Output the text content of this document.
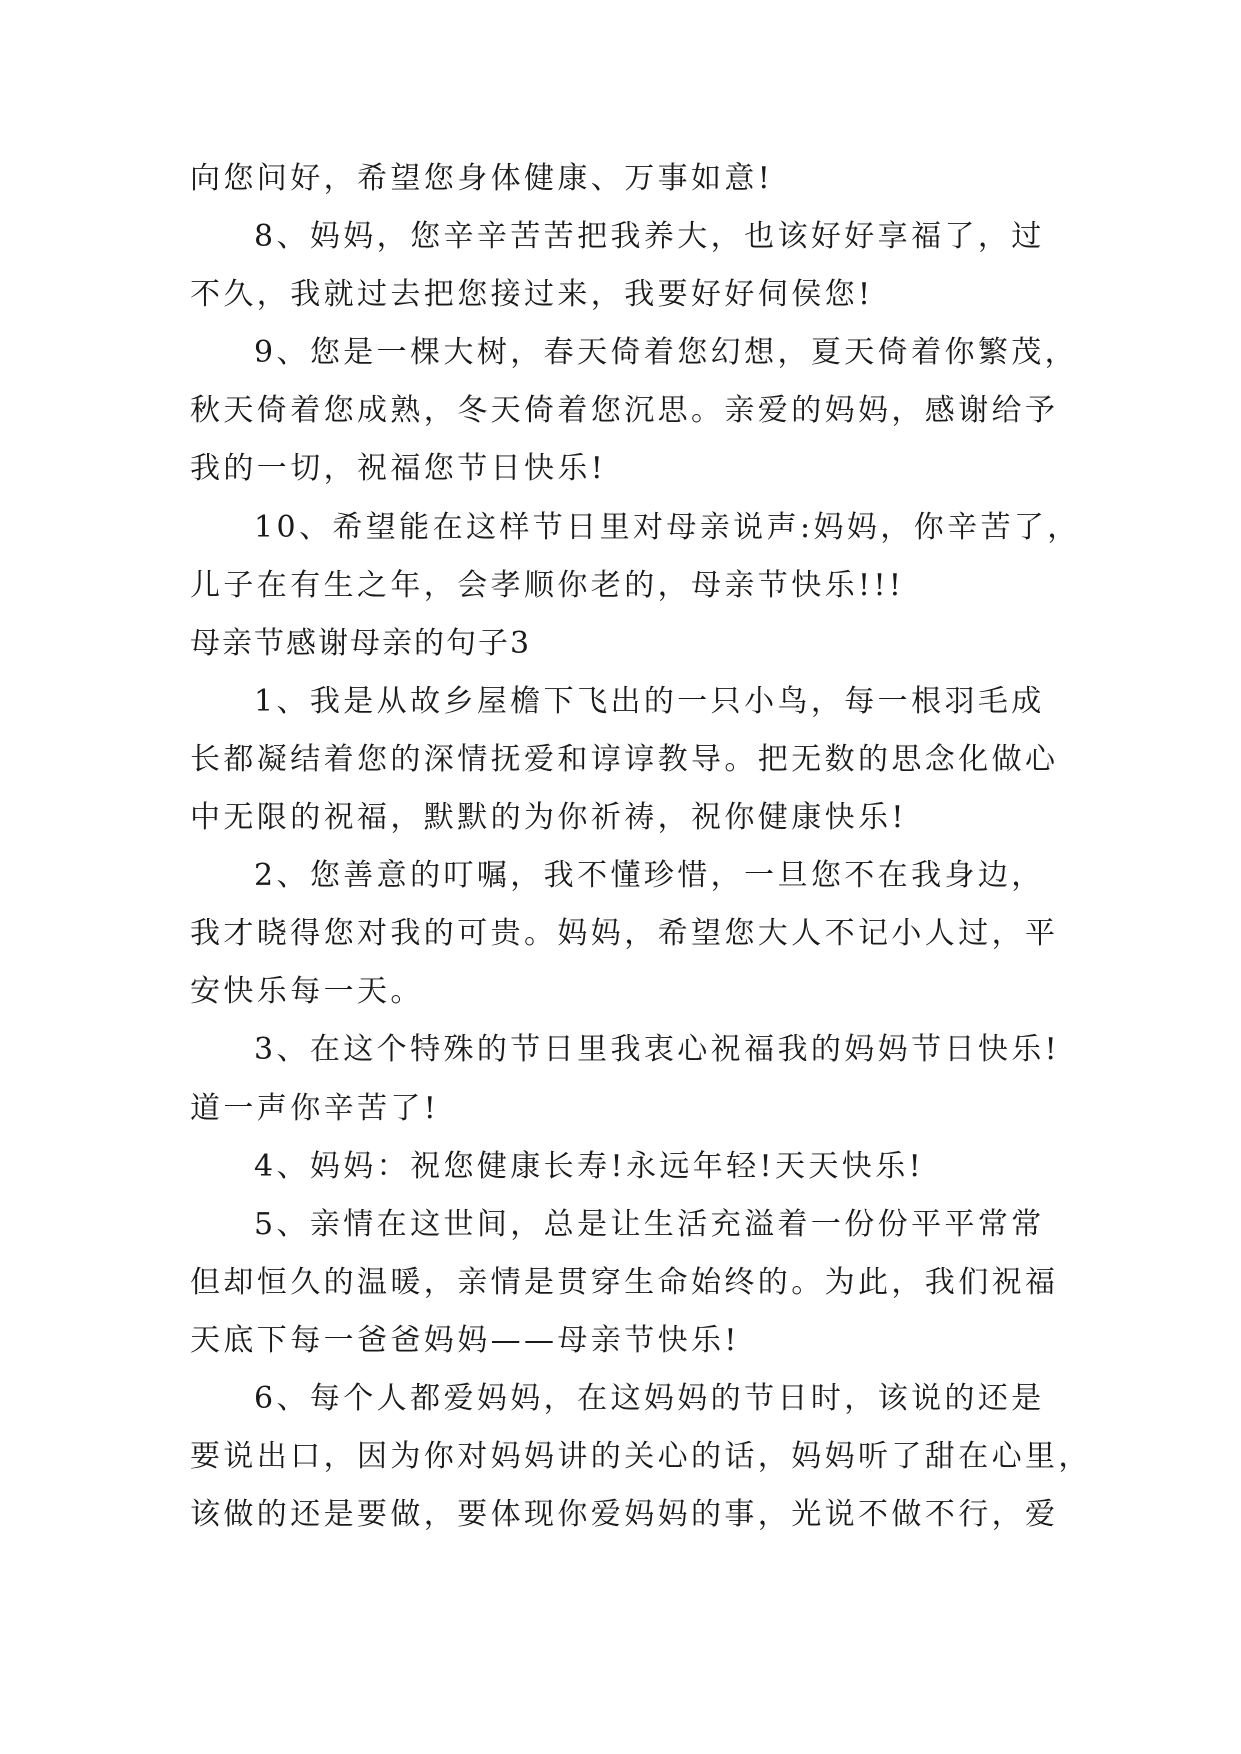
向您问好，希望您身体健康、万事如意!
8、妈妈，您辛辛苦苦把我养大，也该好好享福了，过
不久，我就过去把您接过来，我要好好伺侯您!
9、您是一棵大树，春天倚着您幻想，夏天倚着你繁茂，
秋天倚着您成熟，冬天倚着您沉思。亲爱的妈妈，感谢给予
我的一切，祝福您节日快乐!
10、希望能在这样节日里对母亲说声:妈妈，你辛苦了，
儿子在有生之年，会孝顺你老的，母亲节快乐!!!
母亲节感谢母亲的句子3
1、我是从故乡屋檐下飞出的一只小鸟，每一根羽毛成
长都凝结着您的深情抚爱和谆谆教导。把无数的思念化做心
中无限的祝福，默默的为你祈祷，祝你健康快乐!
2、您善意的叮嘱，我不懂珍惜，一旦您不在我身边，
我才晓得您对我的可贵。妈妈，希望您大人不记小人过，平
安快乐每一天。
3、在这个特殊的节日里我衷心祝福我的妈妈节日快乐!
道一声你辛苦了!
4、妈妈：祝您健康长寿!永远年轻!天天快乐!
5、亲情在这世间，总是让生活充溢着一份份平平常常
但却恒久的温暖，亲情是贯穿生命始终的。为此，我们祝福
天底下每一爸爸妈妈——母亲节快乐!
6、每个人都爱妈妈，在这妈妈的节日时，该说的还是
要说出口，因为你对妈妈讲的关心的话，妈妈听了甜在心里，
该做的还是要做，要体现你爱妈妈的事，光说不做不行，爱
